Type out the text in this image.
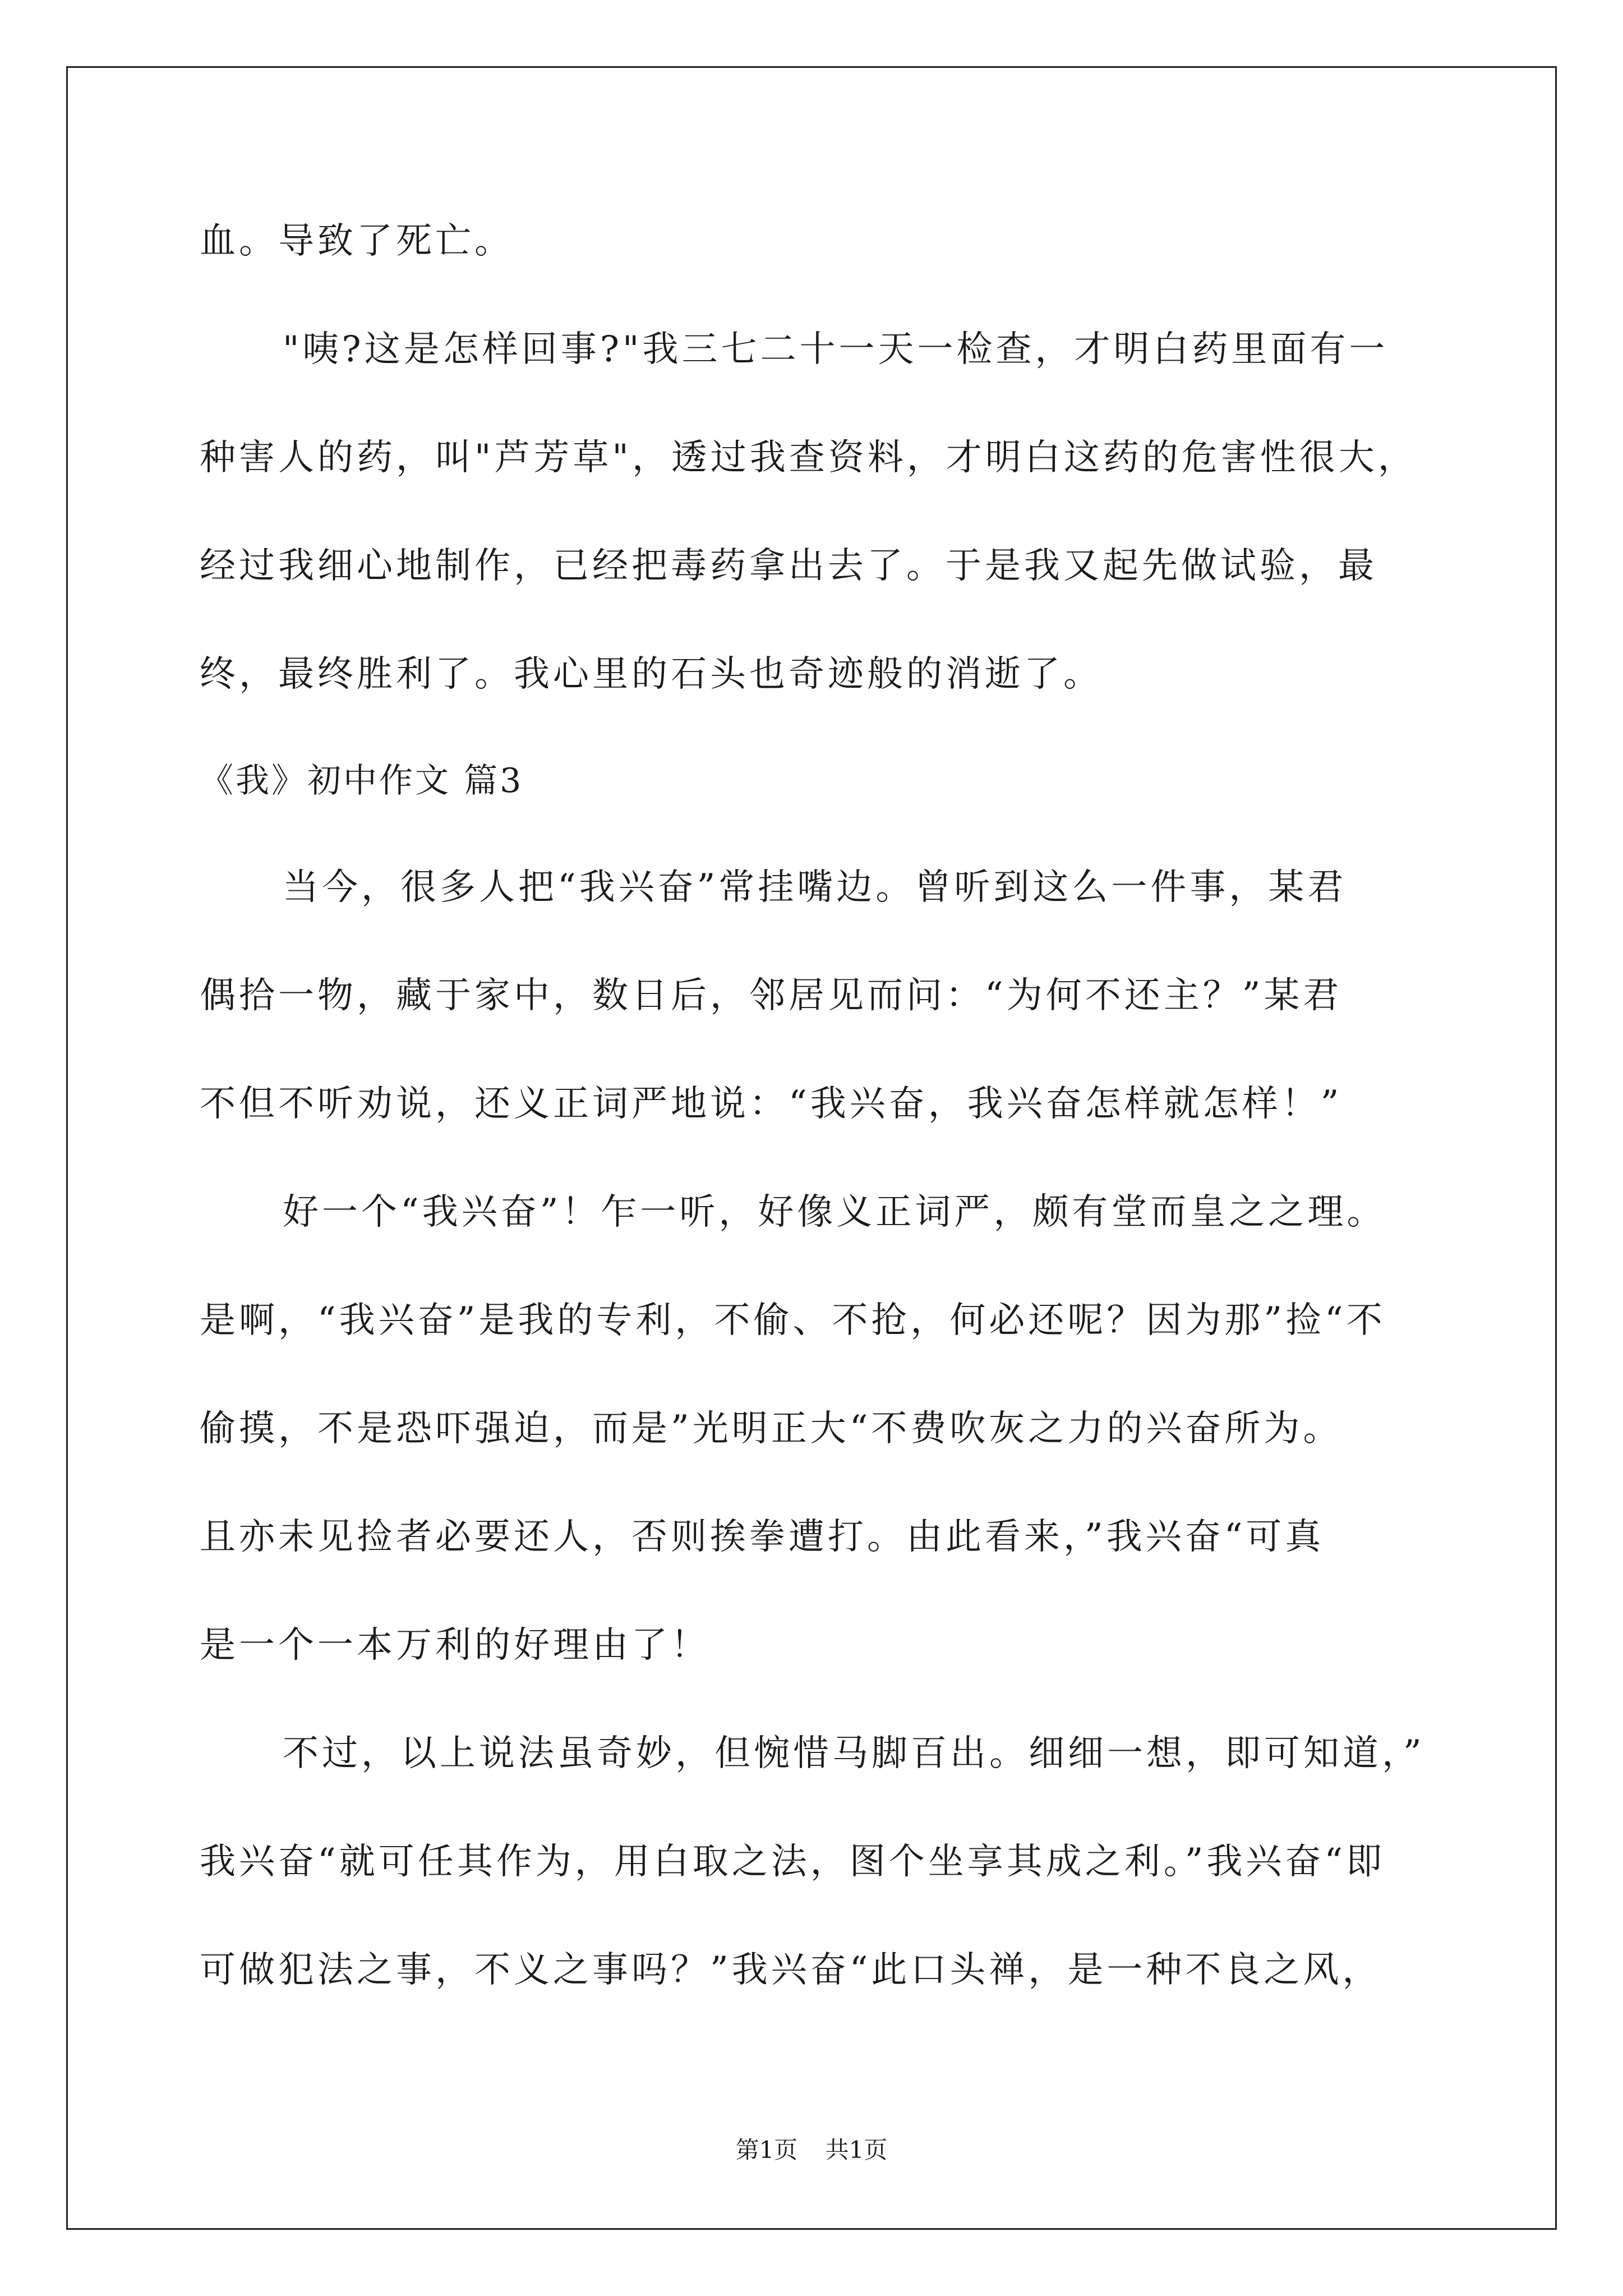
血。导致了死亡。
"咦?这是怎样回事?"我三七二十一天一检查，才明白药里面有一
种害人的药，叫"芦芳草"，透过我查资料，才明白这药的危害性很大，
经过我细心地制作，已经把毒药拿出去了。于是我又起先做试验，最
终，最终胜利了。我心里的石头也奇迹般的消逝了。
《我》初中作文 篇3
当今，很多人把“我兴奋”常挂嘴边。曾听到这么一件事，某君
偶拾一物，藏于家中，数日后，邻居见而问：“为何不还主？”某君
不但不听劝说，还义正词严地说：“我兴奋，我兴奋怎样就怎样！”
好一个“我兴奋”！乍一听，好像义正词严，颇有堂而皇之之理。
是啊，“我兴奋”是我的专利，不偷、不抢，何必还呢？因为那”捡“不
偷摸，不是恐吓强迫，而是”光明正大“不费吹灰之力的兴奋所为。
且亦未见捡者必要还人，否则挨拳遭打。由此看来，”我兴奋“可真
是一个一本万利的好理由了！
不过，以上说法虽奇妙，但惋惜马脚百出。细细一想，即可知道，”
我兴奋“就可任其作为，用白取之法，图个坐享其成之利。”我兴奋“即
可做犯法之事，不义之事吗？”我兴奋“此口头禅，是一种不良之风，
第1页 共1页
